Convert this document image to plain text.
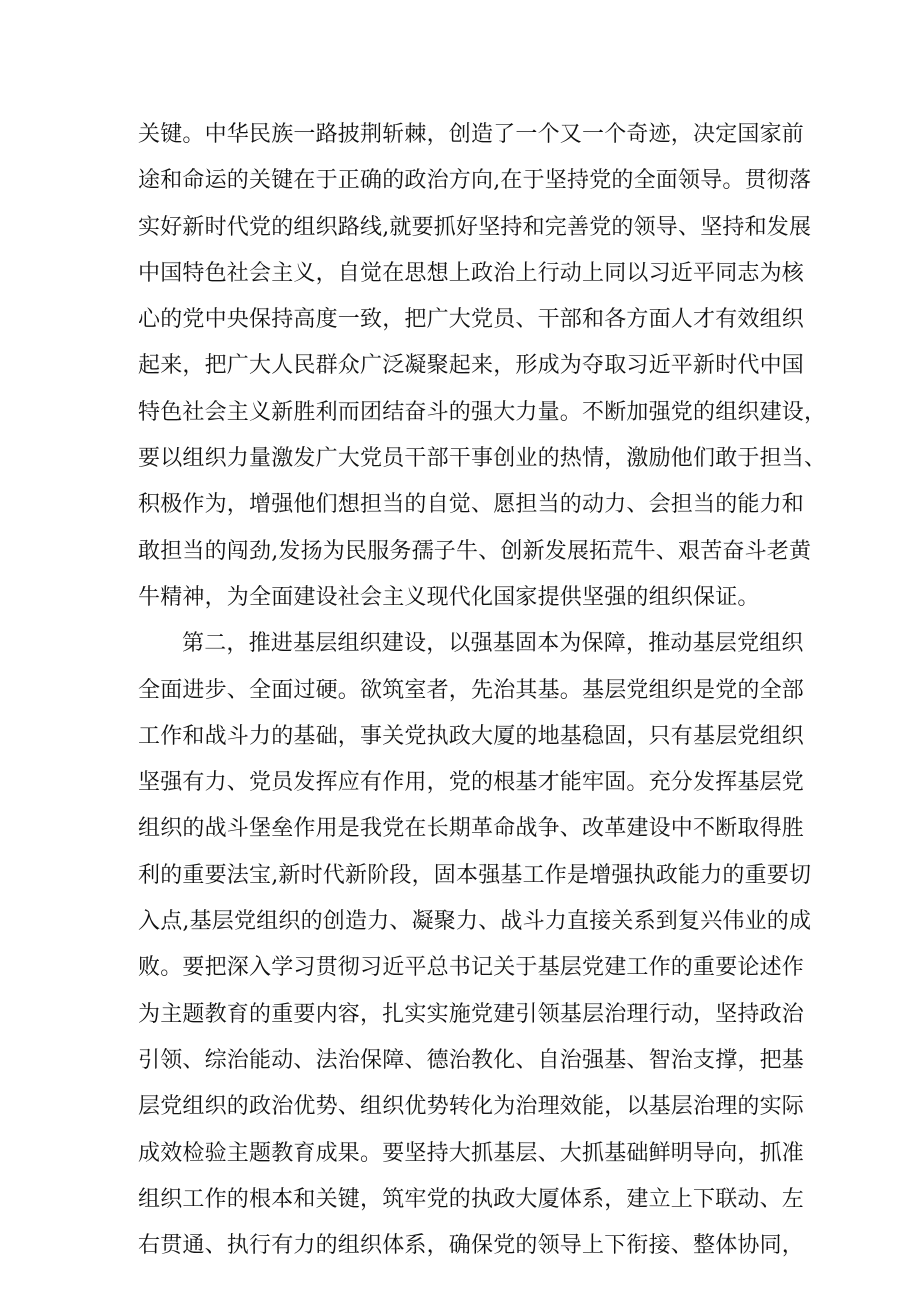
关键。中华民族一路披荆斩棘，创造了一个又一个奇迹，决定国家前
途和命运的关键在于正确的政治方向,在于坚持党的全面领导。贯彻落
实好新时代党的组织路线,就要抓好坚持和完善党的领导、坚持和发展
中国特色社会主义，自觉在思想上政治上行动上同以习近平同志为核
心的党中央保持高度一致，把广大党员、干部和各方面人才有效组织
起来，把广大人民群众广泛凝聚起来，形成为夺取习近平新时代中国
特色社会主义新胜利而团结奋斗的强大力量。不断加强党的组织建设，
要以组织力量激发广大党员干部干事创业的热情，激励他们敢于担当、
积极作为，增强他们想担当的自觉、愿担当的动力、会担当的能力和
敢担当的闯劲,发扬为民服务孺子牛、创新发展拓荒牛、艰苦奋斗老黄
牛精神，为全面建设社会主义现代化国家提供坚强的组织保证。
第二，推进基层组织建设，以强基固本为保障，推动基层党组织
全面进步、全面过硬。欲筑室者，先治其基。基层党组织是党的全部
工作和战斗力的基础，事关党执政大厦的地基稳固，只有基层党组织
坚强有力、党员发挥应有作用，党的根基才能牢固。充分发挥基层党
组织的战斗堡垒作用是我党在长期革命战争、改革建设中不断取得胜
利的重要法宝,新时代新阶段，固本强基工作是增强执政能力的重要切
入点,基层党组织的创造力、凝聚力、战斗力直接关系到复兴伟业的成
败。要把深入学习贯彻习近平总书记关于基层党建工作的重要论述作
为主题教育的重要内容，扎实实施党建引领基层治理行动，坚持政治
引领、综治能动、法治保障、德治教化、自治强基、智治支撑，把基
层党组织的政治优势、组织优势转化为治理效能，以基层治理的实际
成效检验主题教育成果。要坚持大抓基层、大抓基础鲜明导向，抓准
组织工作的根本和关键，筑牢党的执政大厦体系，建立上下联动、左
右贯通、执行有力的组织体系，确保党的领导上下衔接、整体协同，
